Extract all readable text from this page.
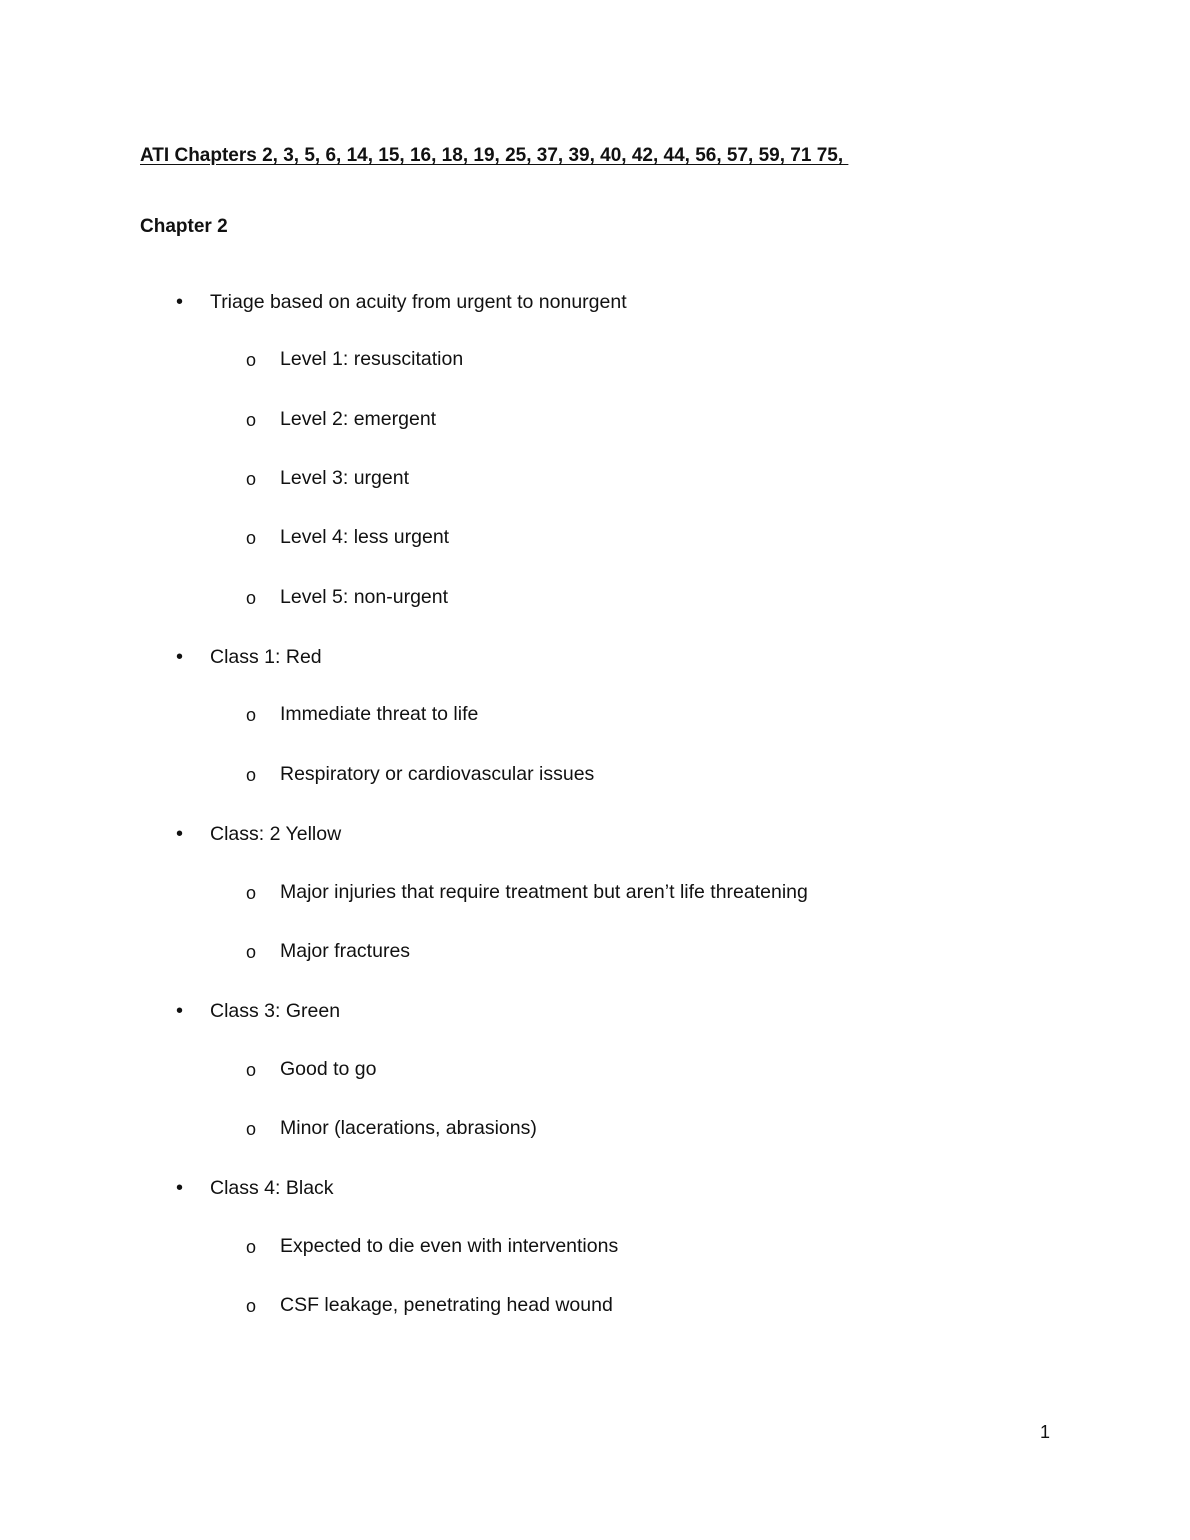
ATI Chapters 2, 3, 5, 6, 14, 15, 16, 18, 19, 25, 37, 39, 40, 42, 44, 56, 57, 59, 71 75,
Chapter 2
• Triage based on acuity from urgent to nonurgent
o Level 1: resuscitation
o Level 2: emergent
o Level 3: urgent
o Level 4: less urgent
o Level 5: non-urgent
• Class 1: Red
o Immediate threat to life
o Respiratory or cardiovascular issues
• Class: 2 Yellow
o Major injuries that require treatment but aren’t life threatening
o Major fractures
• Class 3: Green
o Good to go
o Minor (lacerations, abrasions)
• Class 4: Black
o Expected to die even with interventions
o CSF leakage, penetrating head wound
1
